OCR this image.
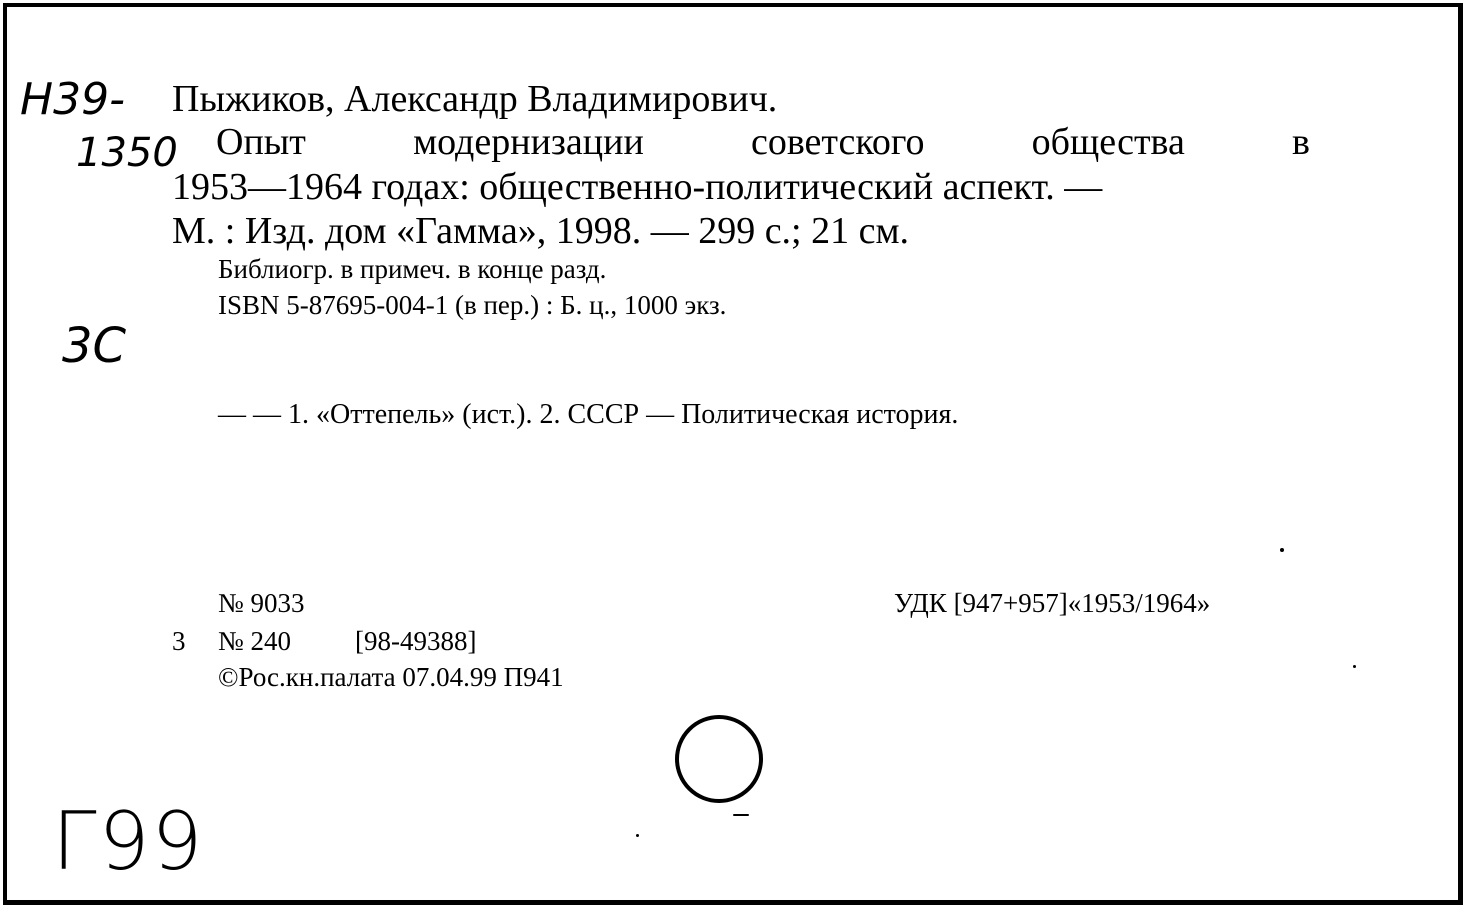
Н39-
1350
3С
Г99
Пыжиков, Александр Владимирович.
Опыт	модернизации	советского	общества	в
1953—1964 годах: общественно-политический аспект. —
М. : Изд. дом «Гамма», 1998. — 299 с.; 21 см.
Библиогр. в примеч. в конце разд.
ISBN 5-87695-004-1 (в пер.) : Б. ц., 1000 экз.
— — 1. «Оттепель» (ист.). 2. СССР — Политическая история.
№ 9033	УДК [947+957]«1953/1964»
3 № 240 [98-49388]
©Рос.кн.палата 07.04.99 П941
